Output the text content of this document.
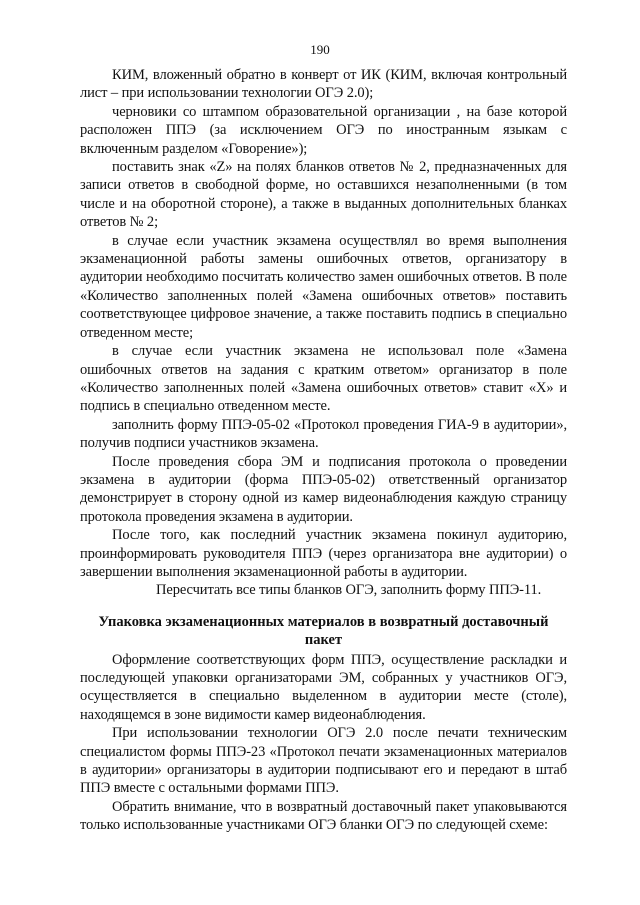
190

КИМ, вложенный обратно в конверт от ИК (КИМ, включая контрольный лист – при использовании технологии ОГЭ 2.0);

черновики со штампом образовательной организации , на базе которой расположен ППЭ (за исключением ОГЭ по иностранным языкам с включенным разделом «Говорение»);

поставить знак «Z» на полях бланков ответов № 2, предназначенных для записи ответов в свободной форме, но оставшихся незаполненными (в том числе и на оборотной стороне), а также в выданных дополнительных бланках ответов № 2;

в случае если участник экзамена осуществлял во время выполнения экзаменационной работы замены ошибочных ответов, организатору в аудитории необходимо посчитать количество замен ошибочных ответов. В поле «Количество заполненных полей «Замена ошибочных ответов» поставить соответствующее цифровое значение, а также поставить подпись в специально отведенном месте;

в случае если участник экзамена не использовал поле «Замена ошибочных ответов на задания с кратким ответом» организатор в поле «Количество заполненных полей «Замена ошибочных ответов» ставит «X» и подпись в специально отведенном месте.

заполнить форму ППЭ-05-02 «Протокол проведения ГИА-9 в аудитории», получив подписи участников экзамена.

После проведения сбора ЭМ и подписания протокола о проведении экзамена в аудитории (форма ППЭ-05-02) ответственный организатор демонстрирует в сторону одной из камер видеонаблюдения каждую страницу протокола проведения экзамена в аудитории.

После того, как последний участник экзамена покинул аудиторию, проинформировать руководителя ППЭ (через организатора вне аудитории) о завершении выполнения экзаменационной работы в аудитории.

Пересчитать все типы бланков ОГЭ, заполнить форму ППЭ-11.

Упаковка экзаменационных материалов в возвратный доставочный пакет

Оформление соответствующих форм ППЭ, осуществление раскладки и последующей упаковки организаторами ЭМ, собранных у участников ОГЭ, осуществляется в специально выделенном в аудитории месте (столе), находящемся в зоне видимости камер видеонаблюдения.

При использовании технологии ОГЭ 2.0 после печати техническим специалистом формы ППЭ-23 «Протокол печати экзаменационных материалов в аудитории» организаторы в аудитории подписывают его и передают в штаб ППЭ вместе с остальными формами ППЭ.

Обратить внимание, что в возвратный доставочный пакет упаковываются только использованные участниками ОГЭ бланки ОГЭ по следующей схеме:
